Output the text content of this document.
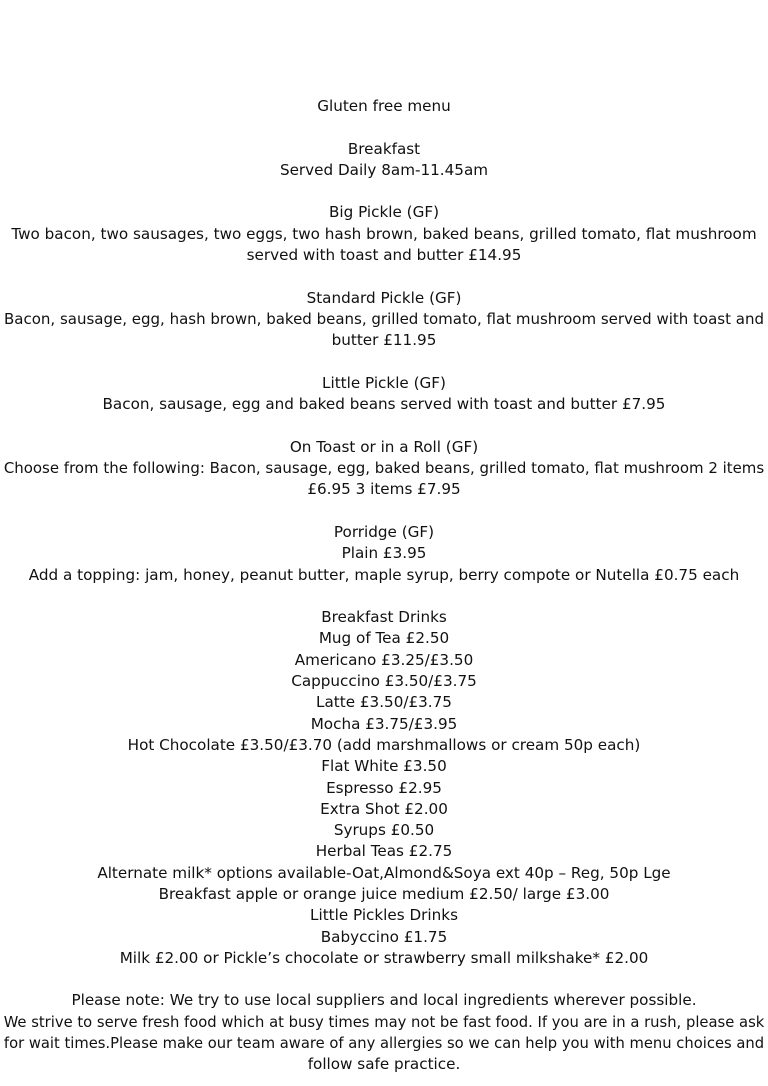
Gluten free menu
Breakfast
Served Daily 8am-11.45am
Big Pickle (GF)
Two bacon, two sausages, two eggs, two hash brown, baked beans, grilled tomato, flat mushroom
served with toast and butter £14.95
Standard Pickle (GF)
Bacon, sausage, egg, hash brown, baked beans, grilled tomato, flat mushroom served with toast and
butter £11.95
Little Pickle (GF)
Bacon, sausage, egg and baked beans served with toast and butter £7.95
On Toast or in a Roll (GF)
Choose from the following: Bacon, sausage, egg, baked beans, grilled tomato, flat mushroom 2 items
£6.95 3 items £7.95
Porridge (GF)
Plain £3.95
Add a topping: jam, honey, peanut butter, maple syrup, berry compote or Nutella £0.75 each
Breakfast Drinks
Mug of Tea £2.50
Americano £3.25/£3.50
Cappuccino £3.50/£3.75
Latte £3.50/£3.75
Mocha £3.75/£3.95
Hot Chocolate £3.50/£3.70 (add marshmallows or cream 50p each)
Flat White £3.50
Espresso £2.95
Extra Shot £2.00
Syrups £0.50
Herbal Teas £2.75
Alternate milk* options available-Oat,Almond&Soya ext 40p – Reg, 50p Lge
Breakfast apple or orange juice medium £2.50/ large £3.00
Little Pickles Drinks
Babyccino £1.75
Milk £2.00 or Pickle’s chocolate or strawberry small milkshake* £2.00
Please note: We try to use local suppliers and local ingredients wherever possible.
We strive to serve fresh food which at busy times may not be fast food. If you are in a rush, please ask
for wait times.Please make our team aware of any allergies so we can help you with menu choices and
follow safe practice.
